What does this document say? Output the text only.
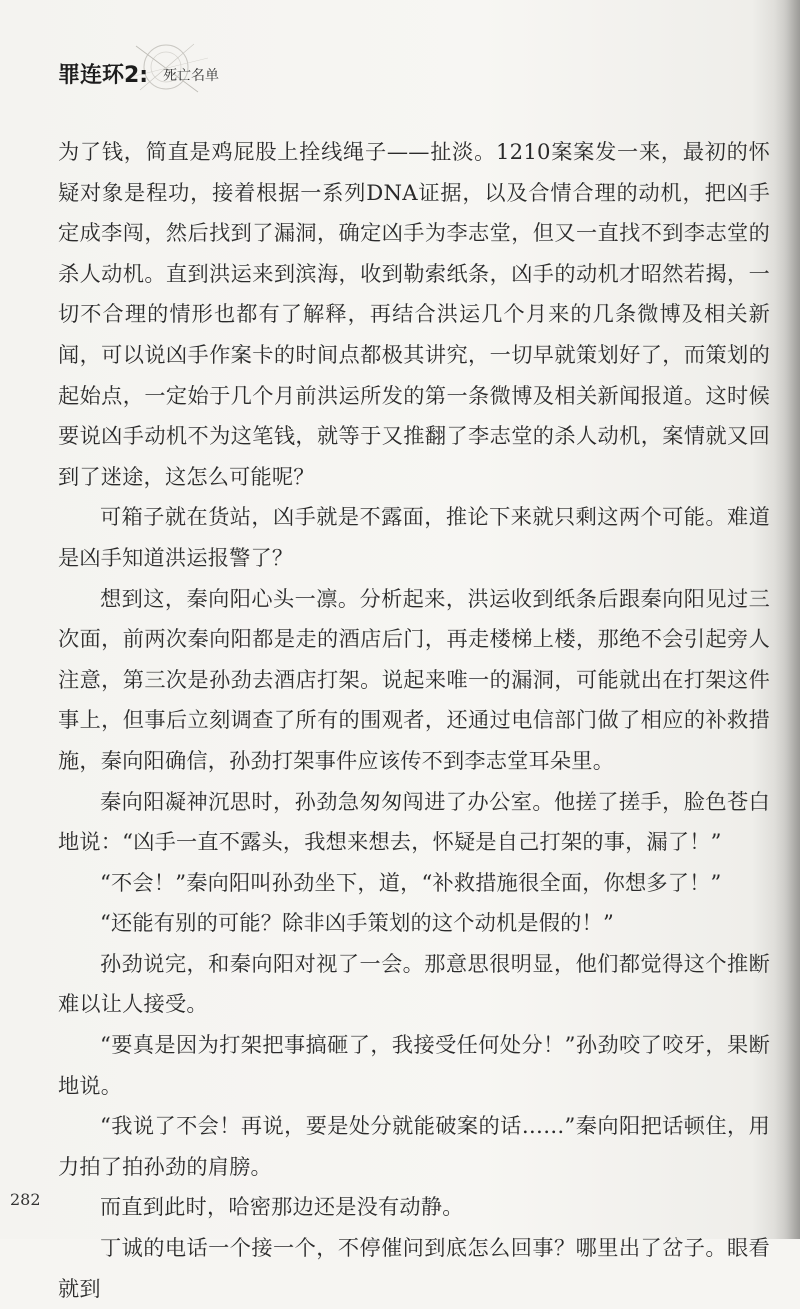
罪连环2: 死亡名单

为了钱，简直是鸡屁股上拴线绳子——扯淡。1210案案发一来，最初的怀疑对象是程功，接着根据一系列DNA证据，以及合情合理的动机，把凶手定成李闯，然后找到了漏洞，确定凶手为李志堂，但又一直找不到李志堂的杀人动机。直到洪运来到滨海，收到勒索纸条，凶手的动机才昭然若揭，一切不合理的情形也都有了解释，再结合洪运几个月来的几条微博及相关新闻，可以说凶手作案卡的时间点都极其讲究，一切早就策划好了，而策划的起始点，一定始于几个月前洪运所发的第一条微博及相关新闻报道。这时候要说凶手动机不为这笔钱，就等于又推翻了李志堂的杀人动机，案情就又回到了迷途，这怎么可能呢？

可箱子就在货站，凶手就是不露面，推论下来就只剩这两个可能。难道是凶手知道洪运报警了？

想到这，秦向阳心头一凛。分析起来，洪运收到纸条后跟秦向阳见过三次面，前两次秦向阳都是走的酒店后门，再走楼梯上楼，那绝不会引起旁人注意，第三次是孙劲去酒店打架。说起来唯一的漏洞，可能就出在打架这件事上，但事后立刻调查了所有的围观者，还通过电信部门做了相应的补救措施，秦向阳确信，孙劲打架事件应该传不到李志堂耳朵里。

秦向阳凝神沉思时，孙劲急匆匆闯进了办公室。他搓了搓手，脸色苍白地说：“凶手一直不露头，我想来想去，怀疑是自己打架的事，漏了！”

“不会！”秦向阳叫孙劲坐下，道，“补救措施很全面，你想多了！”

“还能有别的可能？除非凶手策划的这个动机是假的！”

孙劲说完，和秦向阳对视了一会。那意思很明显，他们都觉得这个推断难以让人接受。

“要真是因为打架把事搞砸了，我接受任何处分！”孙劲咬了咬牙，果断地说。

“我说了不会！再说，要是处分就能破案的话……”秦向阳把话顿住，用力拍了拍孙劲的肩膀。

而直到此时，哈密那边还是没有动静。

丁诚的电话一个接一个，不停催问到底怎么回事？哪里出了岔子。眼看就到

282
